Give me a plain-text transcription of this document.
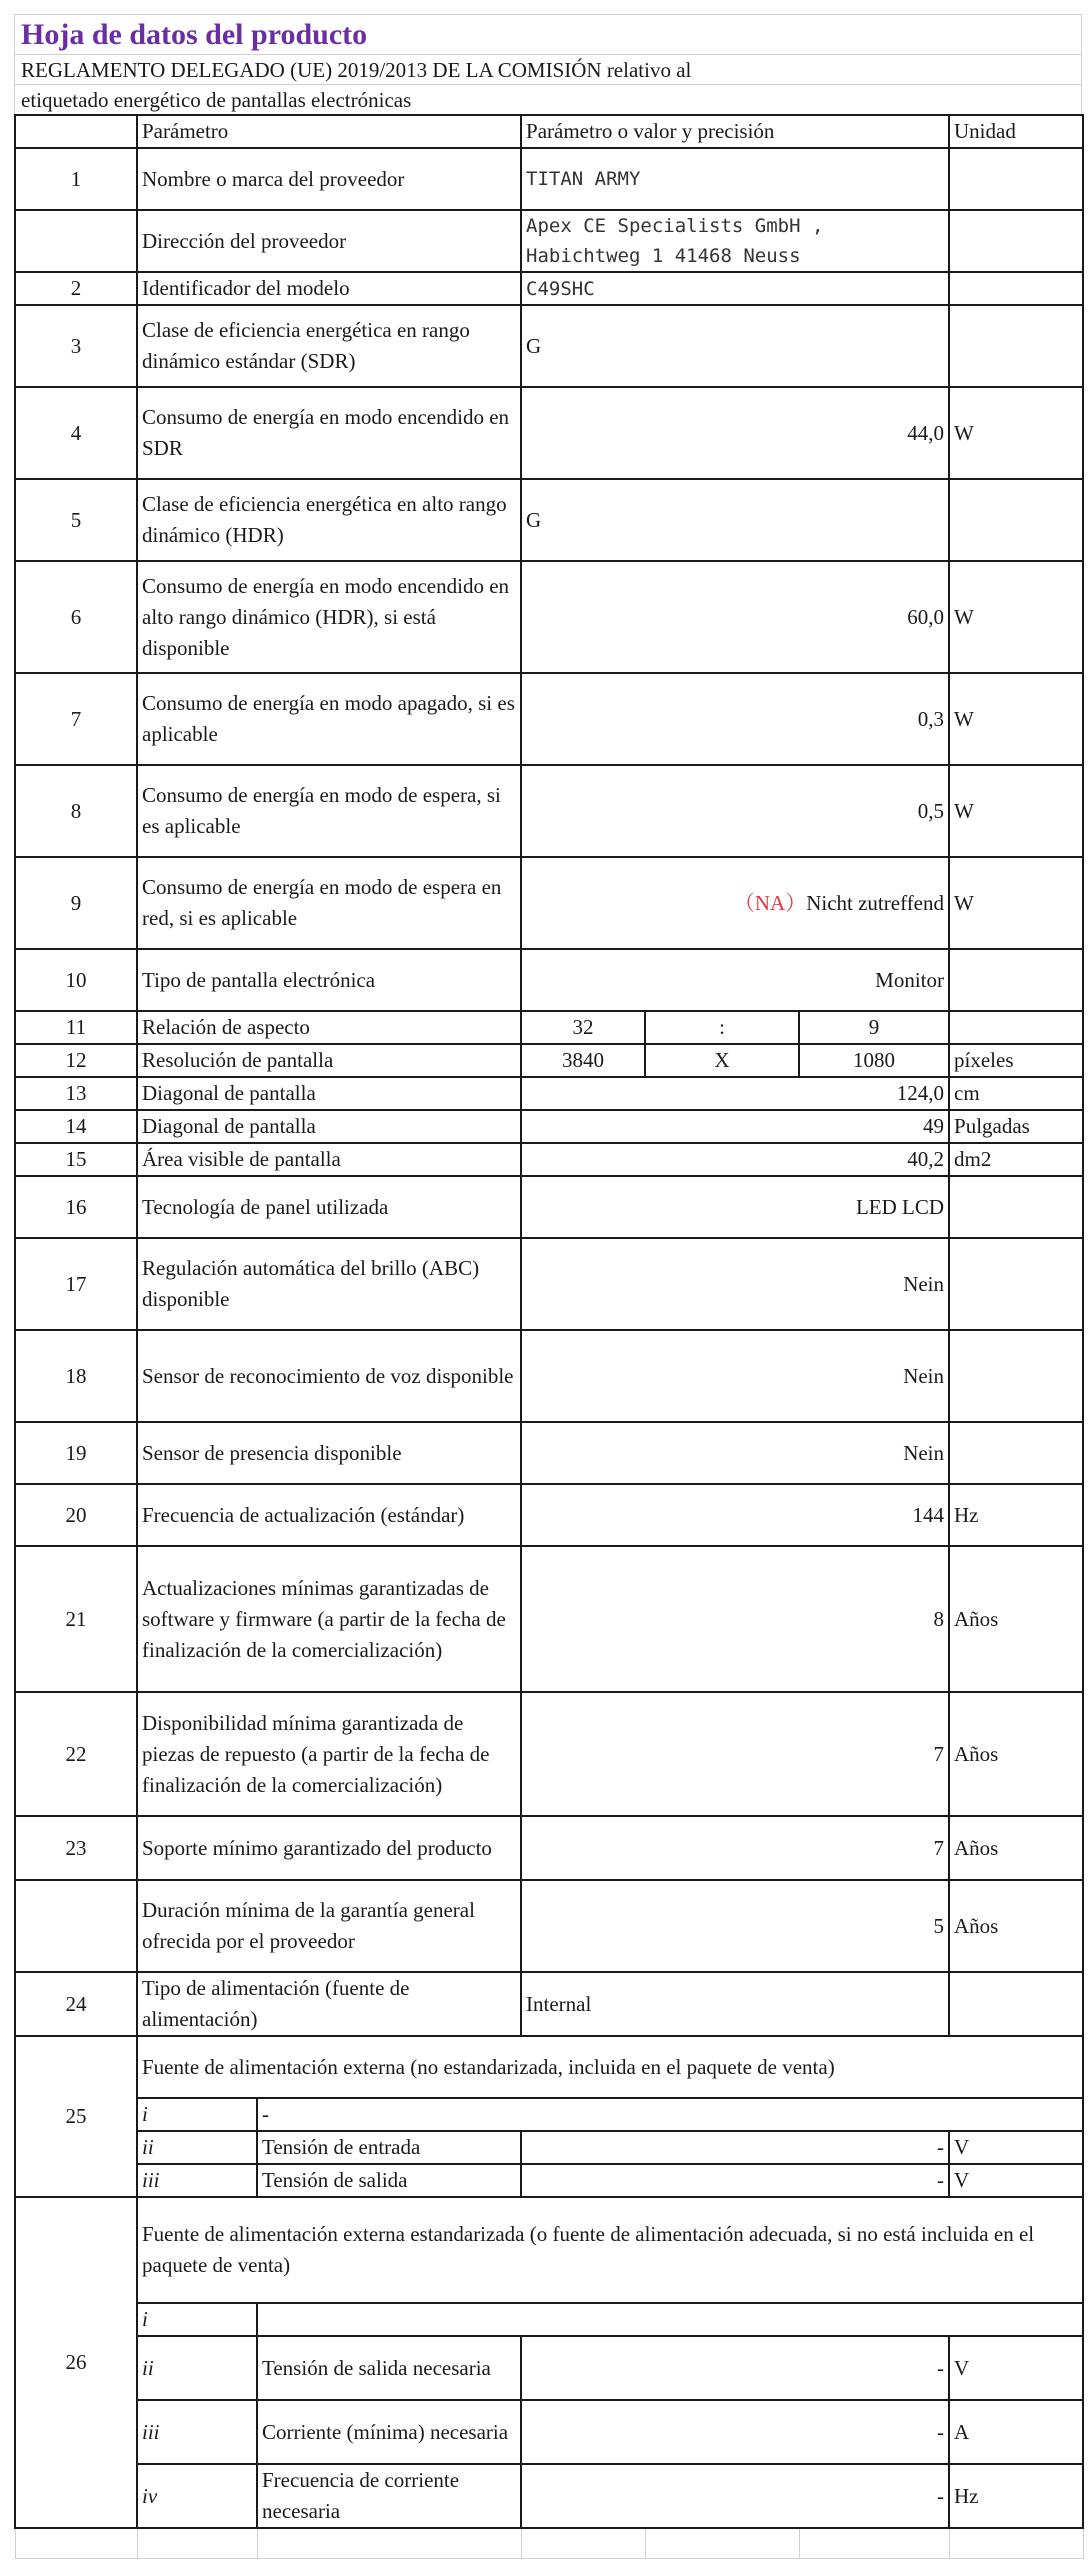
Hoja de datos del producto
REGLAMENTO DELEGADO (UE) 2019/2013 DE LA COMISIÓN relativo al
etiquetado energético de pantallas electrónicas
	Parámetro		Parámetro o valor y precisión			Unidad
1	Nombre o marca del proveedor		TITAN ARMY			
	Dirección del proveedor		Apex CE Specialists GmbH ,
Habichtweg 1 41468 Neuss			

2	Identificador del modelo		C49SHC			
3	Clase de eficiencia energética en rango dinámico estándar (SDR)		G			
4	Consumo de energía en modo encendido en SDR		44,0			W
5	Clase de eficiencia energética en alto rango dinámico (HDR)		G			
6	Consumo de energía en modo encendido en alto rango dinámico (HDR), si está disponible		60,0			W
7	Consumo de energía en modo apagado, si es aplicable		0,3			W
8	Consumo de energía en modo de espera, si es aplicable		0,5			W
9	Consumo de energía en modo de espera en red, si es aplicable		（NA）Nicht zutreffend			W
10	Tipo de pantalla electrónica		Monitor			
11	Relación de aspecto		32	:	9	
12	Resolución de pantalla		3840	X	1080	píxeles
13	Diagonal de pantalla		124,0			cm
14	Diagonal de pantalla		49			Pulgadas
15	Área visible de pantalla		40,2			dm2
16	Tecnología de panel utilizada		LED LCD			
17	Regulación automática del brillo (ABC) disponible		Nein			
18	Sensor de reconocimiento de voz disponible		Nein			
19	Sensor de presencia disponible		Nein			
20	Frecuencia de actualización (estándar)		144			Hz
21	Actualizaciones mínimas garantizadas de software y firmware (a partir de la fecha de finalización de la comercialización)		8			Años
22	Disponibilidad mínima garantizada de piezas de repuesto (a partir de la fecha de finalización de la comercialización)		7			Años
23	Soporte mínimo garantizado del producto		7			Años
	Duración mínima de la garantía general ofrecida por el proveedor		5			Años
24	Tipo de alimentación (fuente de alimentación)		Internal			
25	Fuente de alimentación externa (no estandarizada, incluida en el paquete de venta)					
	i	-				
	ii	Tensión de entrada	-			V
	iii	Tensión de salida	-			V
26	Fuente de alimentación externa estandarizada (o fuente de alimentación adecuada, si no está incluida en el paquete de venta)					
	i					
	ii	Tensión de salida necesaria	-			V
	iii	Corriente (mínima) necesaria	-			A
	iv	Frecuencia de corriente necesaria	-			Hz
